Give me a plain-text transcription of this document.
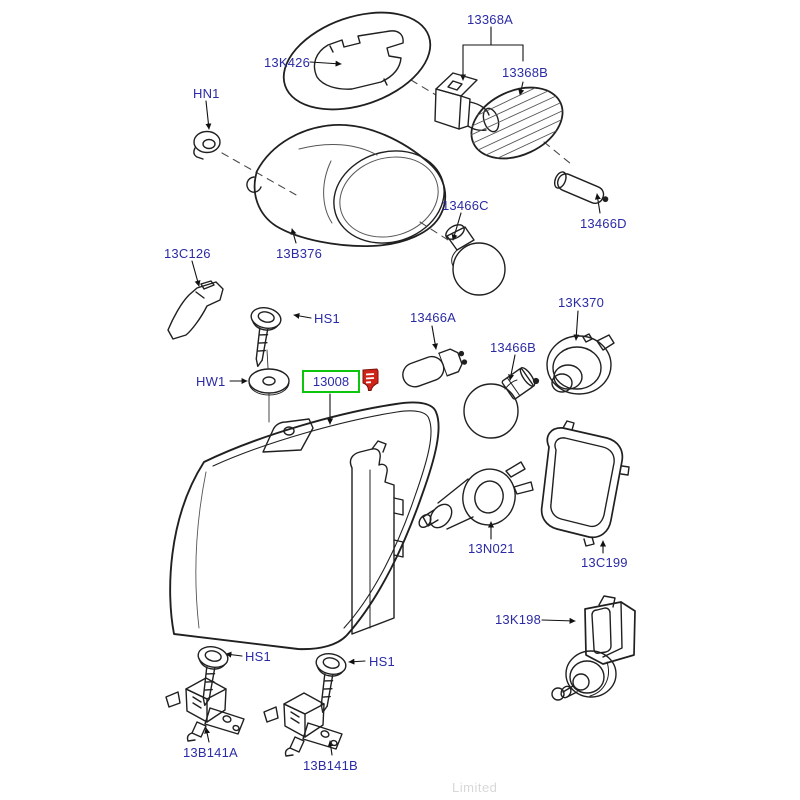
13368A
13K426
13368B
HN1
13466C
13466D
13C126	13B376
HS1
HW1
13466A
13K370
13466B
13N021
13C199
13K198
HS1	HS1
13B141A
13B141B
13008
Limited
